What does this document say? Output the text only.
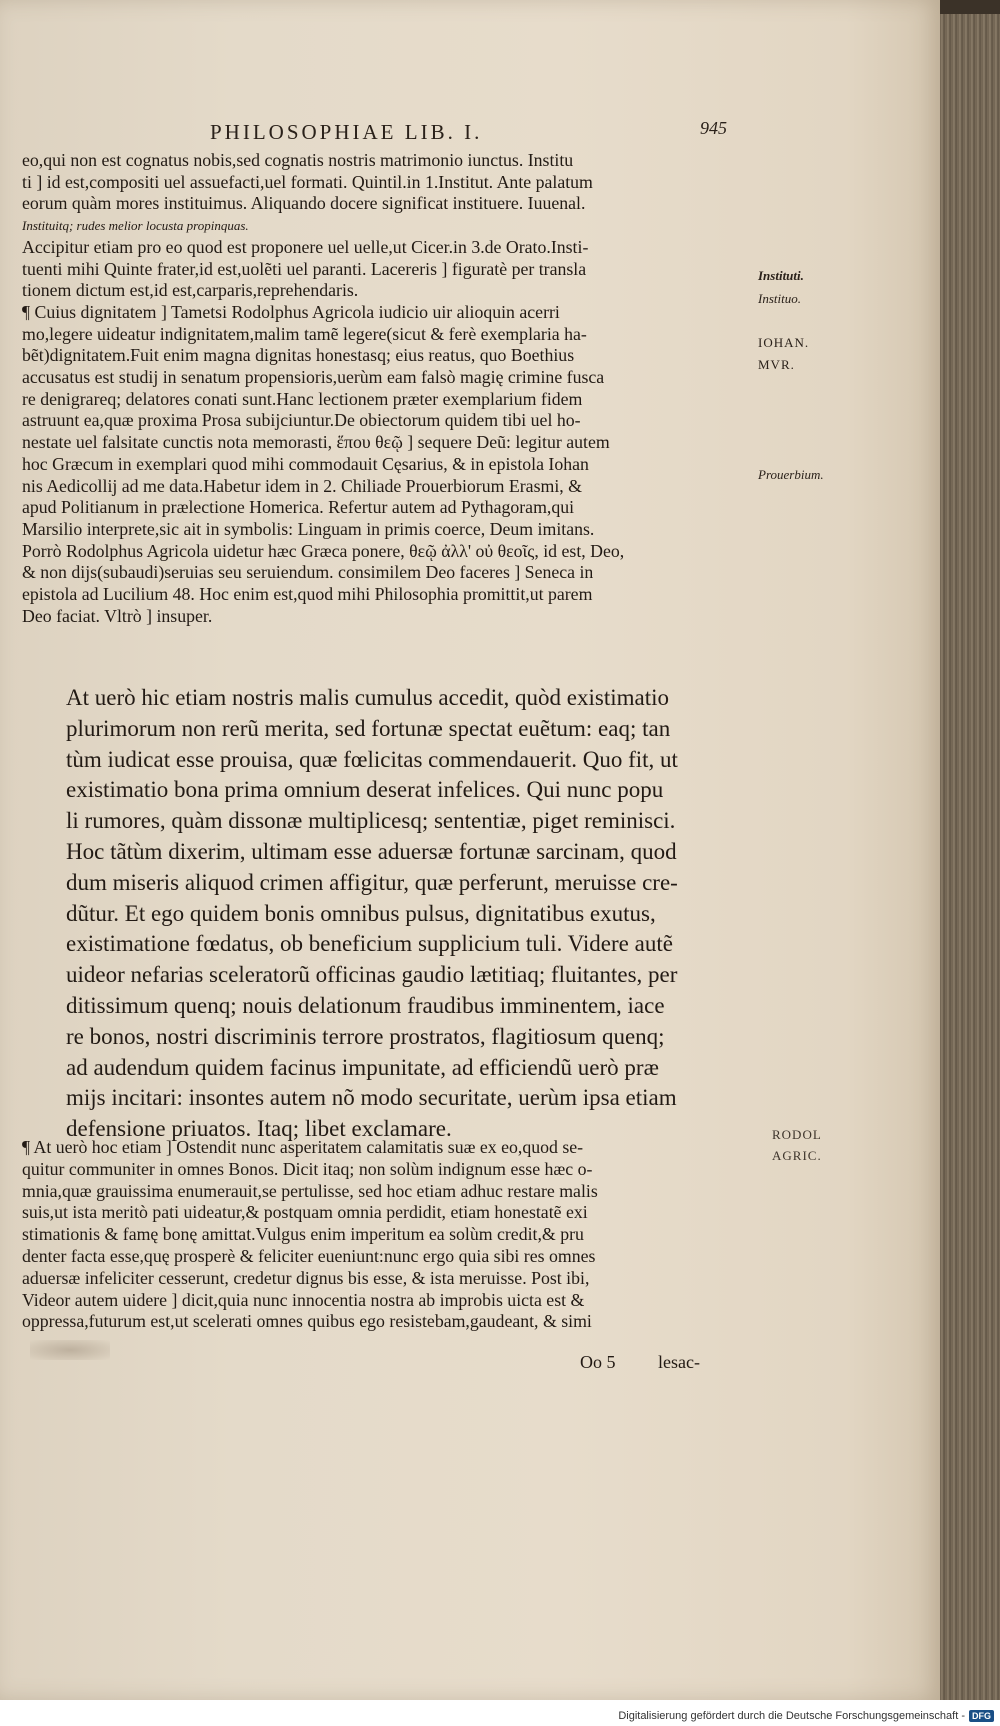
PHILOSOPHIAE LIB. I.	945
eo,qui non est cognatus nobis,sed cognatis nostris matrimonio iunctus. Institu
ti ] id est,compositi uel assuefacti,uel formati. Quintil.in 1.Institut. Ante palatum
eorum quàm mores instituimus. Aliquando docere significat instituere. Iuuenal.
Instituitq; rudes melior locusta propinquas.
Accipitur etiam pro eo quod est proponere uel uelle,ut Cicer.in 3.de Orato.Insti-
tuenti mihi Quinte frater,id est,uolẽti uel paranti. Lacereris ] figuratè per transla
tionem dictum est,id est,carparis,reprehendaris.
¶ Cuius dignitatem ] Tametsi Rodolphus Agricola iudicio uir alioquin acerri
mo,legere uideatur indignitatem,malim tamẽ legere(sicut & ferè exemplaria ha-
bẽt)dignitatem.Fuit enim magna dignitas honestasq; eius reatus, quo Boethius
accusatus est studij in senatum propensioris,uerùm eam falsò magię crimine fusca
re denigrareq; delatores conati sunt.Hanc lectionem præter exemplarium fidem
astruunt ea,quæ proxima Prosa subijciuntur.De obiectorum quidem tibi uel ho-
nestate uel falsitate cunctis nota memorasti, ἕπου θεῷ ] sequere Deũ: legitur autem
hoc Græcum in exemplari quod mihi commodauit Cęsarius, & in epistola Iohan
nis Aedicollij ad me data.Habetur idem in 2. Chiliade Prouerbiorum Erasmi, &
apud Politianum in prælectione Homerica. Refertur autem ad Pythagoram,qui
Marsilio interprete,sic ait in symbolis: Linguam in primis coerce, Deum imitans.
Porrò Rodolphus Agricola uidetur hæc Græca ponere, θεῷ ἀλλ' οὐ θεοῖς, id est, Deo,
& non dijs(subaudi)seruias seu seruiendum. consimilem Deo faceres ] Seneca in
epistola ad Lucilium 48. Hoc enim est,quod mihi Philosophia promittit,ut parem
Deo faciat. Vltrò ] insuper.
At uerò hic etiam nostris malis cumulus accedit, quòd existimatio
plurimorum non rerũ merita, sed fortunæ spectat euẽtum: eaq; tan
tùm iudicat esse prouisa, quæ fœlicitas commendauerit. Quo fit, ut
existimatio bona prima omnium deserat infelices. Qui nunc popu
li rumores, quàm dissonæ multiplicesq; sententiæ, piget reminisci.
Hoc tãtùm dixerim, ultimam esse aduersæ fortunæ sarcinam, quod
dum miseris aliquod crimen affigitur, quæ perferunt, meruisse cre-
dũtur. Et ego quidem bonis omnibus pulsus, dignitatibus exutus,
existimatione fœdatus, ob beneficium supplicium tuli. Videre autẽ
uideor nefarias sceleratorũ officinas gaudio lætitiaq; fluitantes, per
ditissimum quenq; nouis delationum fraudibus imminentem, iace
re bonos, nostri discriminis terrore prostratos, flagitiosum quenq;
ad audendum quidem facinus impunitate, ad efficiendũ uerò præ
mijs incitari: insontes autem nõ modo securitate, uerùm ipsa etiam
defensione priuatos. Itaq; libet exclamare.
¶ At uerò hoc etiam ] Ostendit nunc asperitatem calamitatis suæ ex eo,quod se-
quitur communiter in omnes Bonos. Dicit itaq; non solùm indignum esse hæc o-
mnia,quæ grauissima enumerauit,se pertulisse, sed hoc etiam adhuc restare malis
suis,ut ista meritò pati uideatur,& postquam omnia perdidit, etiam honestatẽ exi
stimationis & famę bonę amittat.Vulgus enim imperitum ea solùm credit,& pru
denter facta esse,quę prosperè & feliciter eueniunt:nunc ergo quia sibi res omnes
aduersæ infeliciter cesserunt, credetur dignus bis esse, & ista meruisse. Post ibi,
Videor autem uidere ] dicit,quia nunc innocentia nostra ab improbis uicta est &
oppressa,futurum est,ut scelerati omnes quibus ego resistebam,gaudeant, & simi
Instituti.
Instituo.
IOHAN.
MVR.
Prouerbium.
RODOL
AGRIC.
Oo 5 lesac-
Digitalisierung gefördert durch die Deutsche Forschungsgemeinschaft - DFG
